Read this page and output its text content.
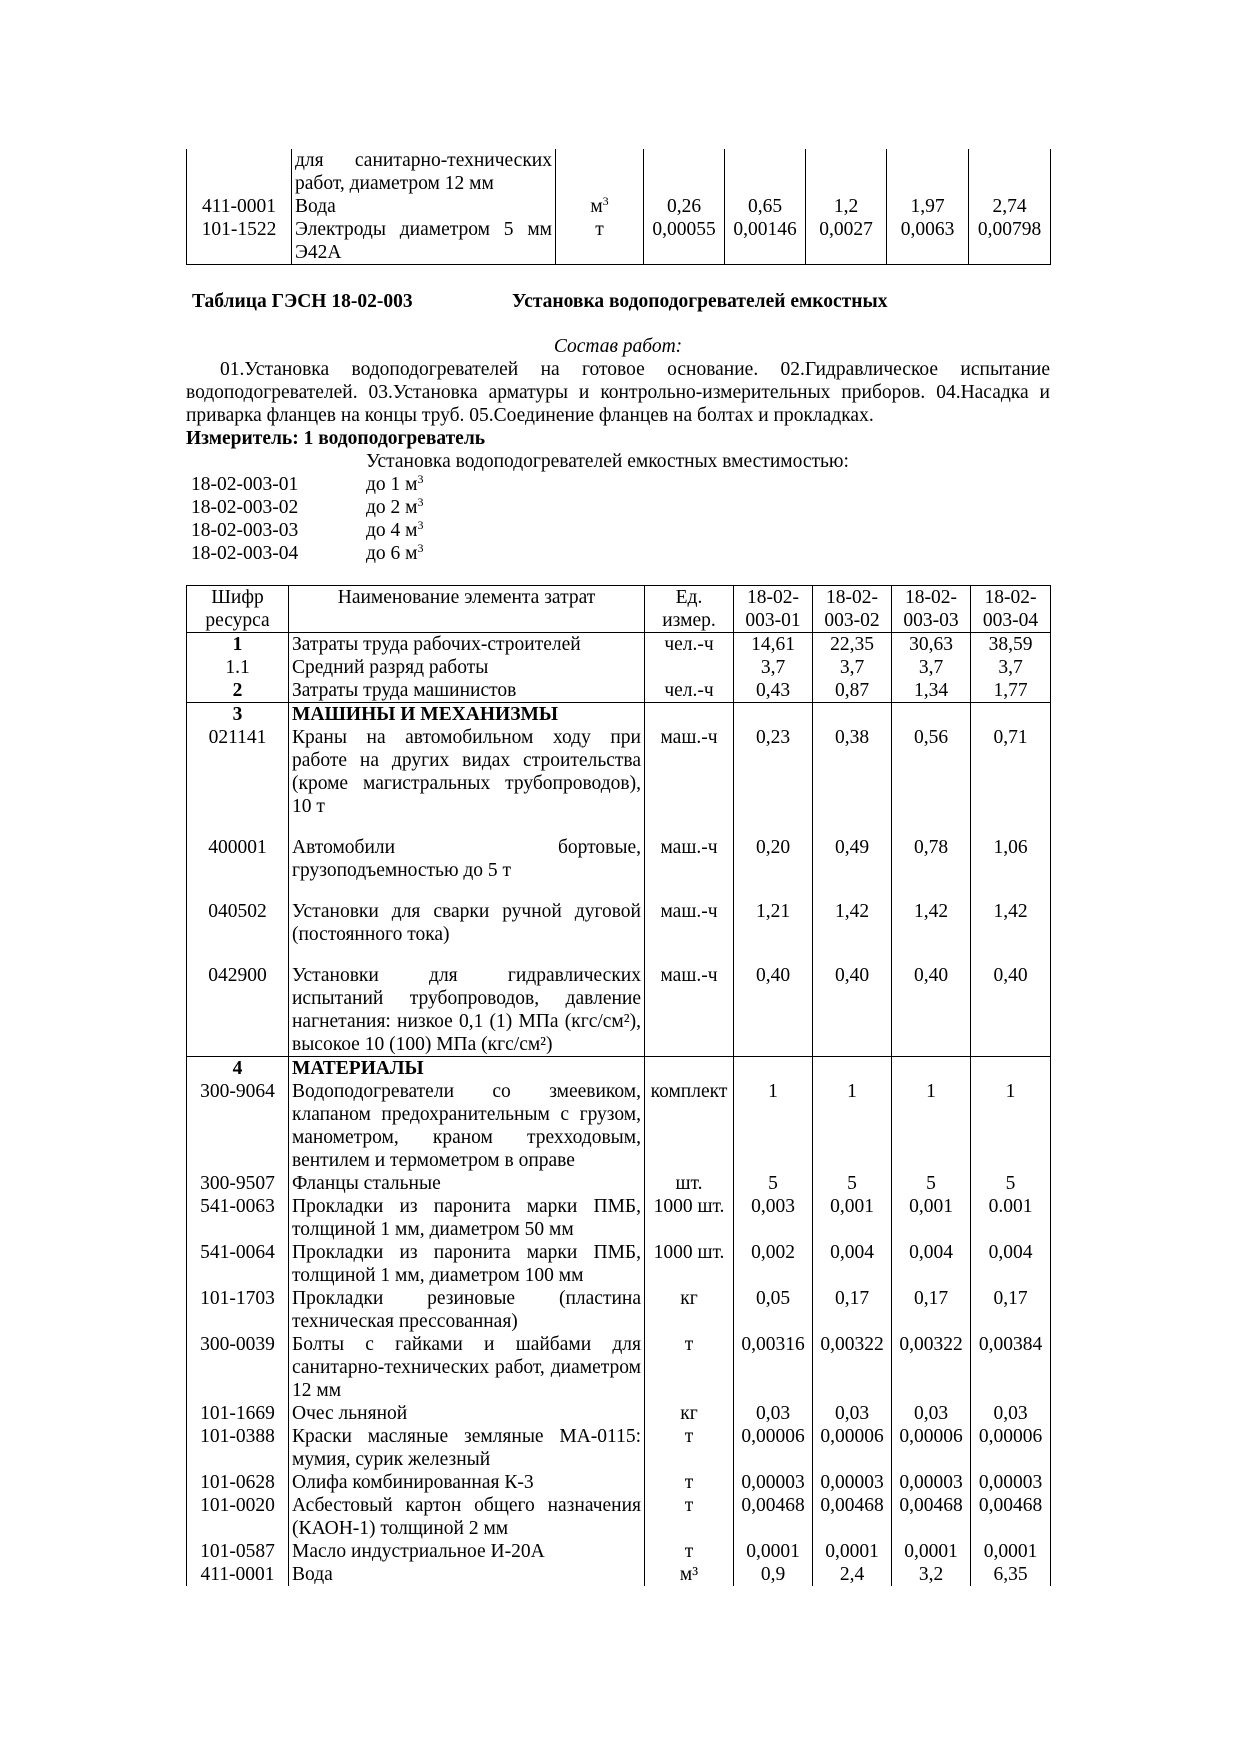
	для санитарно-технических работ, диаметром 12 мм						
411-0001	Вода	$м^3$	0,26	0,65	1,2	1,97	2,74
101-1522	Электроды диаметром 5 мм Э42А	т	0,00055	0,00146	0,0027	0,0063	0,00798
Таблица ГЭСН 18-02-003	Установка водоподогревателей емкостных
Состав работ:
01.Установка водоподогревателей на готовое основание. 02.Гидравлическое испытание водоподогревателей. 03.Установка арматуры и контрольно-измерительных приборов. 04.Насадка и приварка фланцев на концы труб. 05.Соединение фланцев на болтах и прокладках.
Измеритель: 1 водоподогреватель
Установка водоподогревателей емкостных вместимостью:
18-02-003-01	до 1 $м^3$
18-02-003-02	до 2 $м^3$
18-02-003-03	до 4 $м^3$
18-02-003-04	до 6 $м^3$
Шифр ресурса	Наименование элемента затрат	Ед. измер.	18-02-003-01	18-02-003-02	18-02-003-03	18-02-003-04
1	Затраты труда рабочих-строителей	чел.-ч	14,61	22,35	30,63	38,59
1.1	Средний разряд работы		3,7	3,7	3,7	3,7
2	Затраты труда машинистов	чел.-ч	0,43	0,87	1,34	1,77
3	МАШИНЫ И МЕХАНИЗМЫ					
021141	Краны на автомобильном ходу при работе на других видах строительства (кроме магистральных трубопроводов), 10 т	маш.-ч	0,23	0,38	0,56	0,71
400001	Автомобили бортовые, грузоподъемностью до 5 т	маш.-ч	0,20	0,49	0,78	1,06
040502	Установки для сварки ручной дуговой (постоянного тока)	маш.-ч	1,21	1,42	1,42	1,42
042900	Установки для гидравлических испытаний трубопроводов, давление нагнетания: низкое 0,1 (1) МПа (кгс/см²), высокое 10 (100) МПа (кгс/см²)	маш.-ч	0,40	0,40	0,40	0,40
4	МАТЕРИАЛЫ					
300-9064	Водоподогреватели со змеевиком, клапаном предохранительным с грузом, манометром, краном трехходовым, вентилем и термометром в оправе	комплект	1	1	1	1
300-9507	Фланцы стальные	шт.	5	5	5	5
541-0063	Прокладки из паронита марки ПМБ, толщиной 1 мм, диаметром 50 мм	1000 шт.	0,003	0,001	0,001	0.001
541-0064	Прокладки из паронита марки ПМБ, толщиной 1 мм, диаметром 100 мм	1000 шт.	0,002	0,004	0,004	0,004
101-1703	Прокладки резиновые (пластина техническая прессованная)	кг	0,05	0,17	0,17	0,17
300-0039	Болты с гайками и шайбами для санитарно-технических работ, диаметром 12 мм	т	0,00316	0,00322	0,00322	0,00384
101-1669	Очес льняной	кг	0,03	0,03	0,03	0,03
101-0388	Краски масляные земляные МА-0115: мумия, сурик железный	т	0,00006	0,00006	0,00006	0,00006
101-0628	Олифа комбинированная К-3	т	0,00003	0,00003	0,00003	0,00003
101-0020	Асбестовый картон общего назначения (КАОН-1) толщиной 2 мм	т	0,00468	0,00468	0,00468	0,00468
101-0587	Масло индустриальное И-20А	т	0,0001	0,0001	0,0001	0,0001
411-0001	Вода	м³	0,9	2,4	3,2	6,35
